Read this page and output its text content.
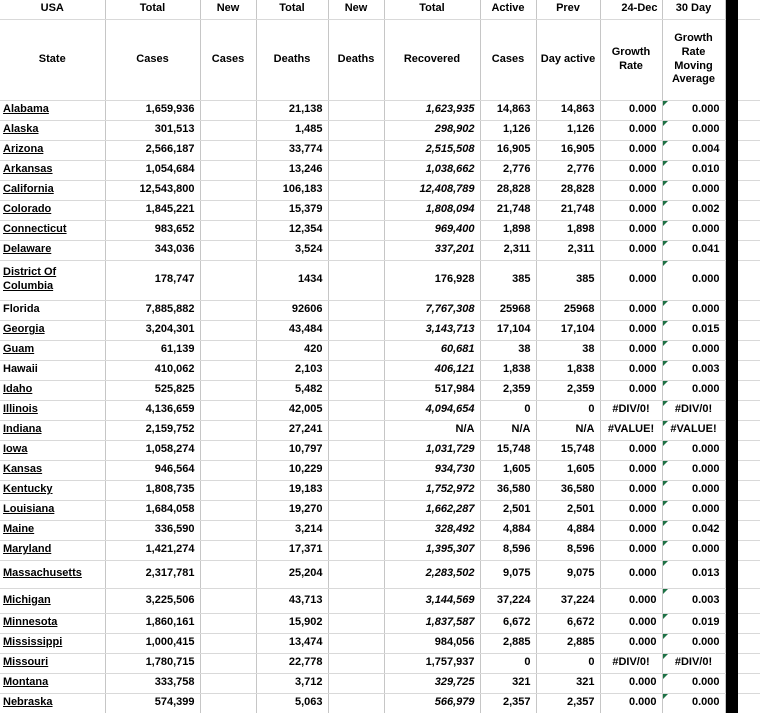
USA	Total	New	Total	New	Total	Active	Prev	24-Dec	30 Day		
State	Cases	Cases	Deaths	Deaths	Recovered	Cases	Day active	Growth Rate	Growth Rate Moving Average		
Alabama	1,659,936		21,138		1,623,935	14,863	14,863	0.000	0.000

Alaska	301,513		1,485		298,902	1,126	1,126	0.000	0.000

Arizona	2,566,187		33,774		2,515,508	16,905	16,905	0.000	0.004

Arkansas	1,054,684		13,246		1,038,662	2,776	2,776	0.000	0.010

California	12,543,800		106,183		12,408,789	28,828	28,828	0.000	0.000

Colorado	1,845,221		15,379		1,808,094	21,748	21,748	0.000	0.002

Connecticut	983,652		12,354		969,400	1,898	1,898	0.000	0.000

Delaware	343,036		3,524		337,201	2,311	2,311	0.000	0.041

District Of Columbia	178,747		1434		176,928	385	385	0.000	0.000

Florida	7,885,882		92606		7,767,308	25968	25968	0.000	0.000

Georgia	3,204,301		43,484		3,143,713	17,104	17,104	0.000	0.015

Guam	61,139		420		60,681	38	38	0.000	0.000

Hawaii	410,062		2,103		406,121	1,838	1,838	0.000	0.003

Idaho	525,825		5,482		517,984	2,359	2,359	0.000	0.000

Illinois	4,136,659		42,005		4,094,654	0	0	#DIV/0!	#DIV/0!

Indiana	2,159,752		27,241		N/A	N/A	N/A	#VALUE!	#VALUE!

Iowa	1,058,274		10,797		1,031,729	15,748	15,748	0.000	0.000

Kansas	946,564		10,229		934,730	1,605	1,605	0.000	0.000

Kentucky	1,808,735		19,183		1,752,972	36,580	36,580	0.000	0.000

Louisiana	1,684,058		19,270		1,662,287	2,501	2,501	0.000	0.000

Maine	336,590		3,214		328,492	4,884	4,884	0.000	0.042

Maryland	1,421,274		17,371		1,395,307	8,596	8,596	0.000	0.000

Massachusetts	2,317,781		25,204		2,283,502	9,075	9,075	0.000	0.013

Michigan	3,225,506		43,713		3,144,569	37,224	37,224	0.000	0.003

Minnesota	1,860,161		15,902		1,837,587	6,672	6,672	0.000	0.019

Mississippi	1,000,415		13,474		984,056	2,885	2,885	0.000	0.000

Missouri	1,780,715		22,778		1,757,937	0	0	#DIV/0!	#DIV/0!

Montana	333,758		3,712		329,725	321	321	0.000	0.000

Nebraska	574,399		5,063		566,979	2,357	2,357	0.000	0.000
